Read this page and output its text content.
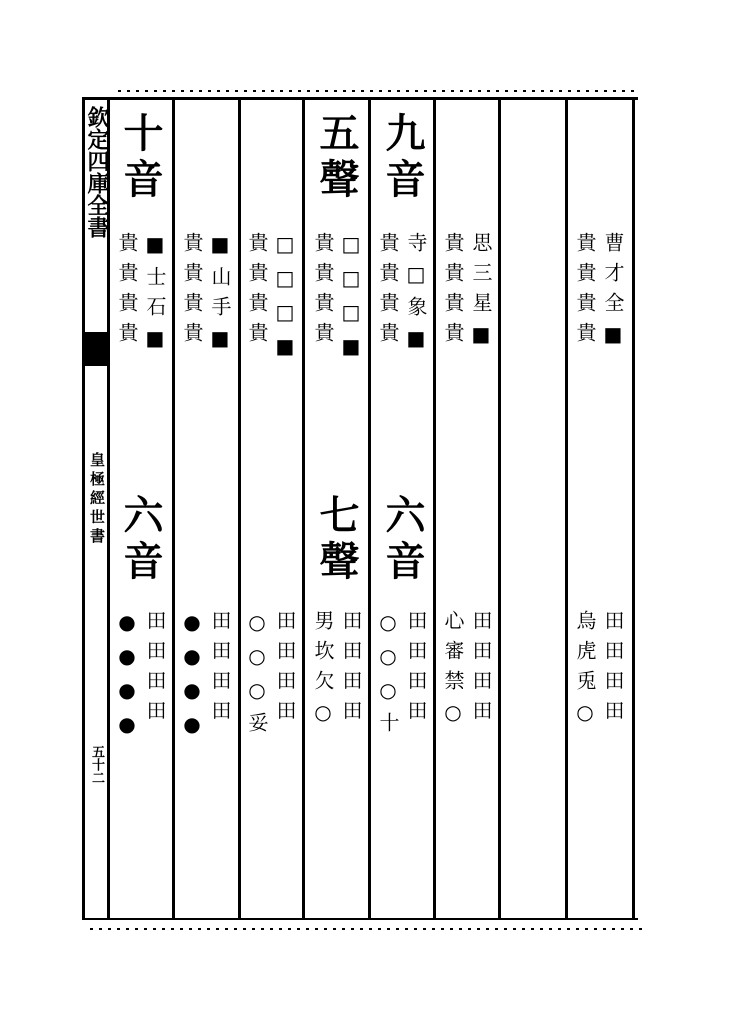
欽定四庫全書
皇極經世書
五十二
十音
■士石■
貴貴貴貴
六音
田田田田
●●●●
■山手■
貴貴貴貴
田田田田
●●●●
□□□■
貴貴貴貴
田田田田
○○○妥
五聲
□□□■
貴貴貴貴
七聲
田田田田
男坎欠○
九音
寺□象■
貴貴貴貴
六音
田田田田
○○○十
思三星■
貴貴貴貴
田田田田
心審禁○
曹才全■
貴貴貴貴
田田田田
烏虎兎○
